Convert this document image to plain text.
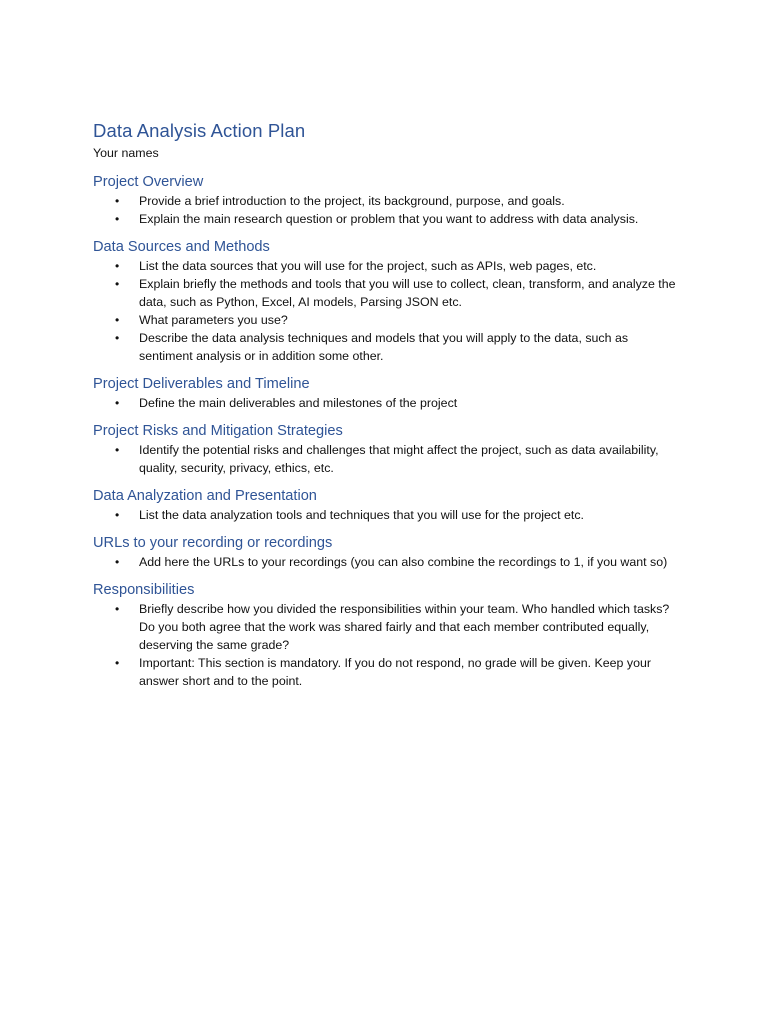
Data Analysis Action Plan
Your names
Project Overview
• Provide a brief introduction to the project, its background, purpose, and goals.
• Explain the main research question or problem that you want to address with data analysis.
Data Sources and Methods
• List the data sources that you will use for the project, such as APIs, web pages, etc.
• Explain briefly the methods and tools that you will use to collect, clean, transform, and analyze the data, such as Python, Excel, AI models, Parsing JSON etc.
• What parameters you use?
• Describe the data analysis techniques and models that you will apply to the data, such as sentiment analysis or in addition some other.
Project Deliverables and Timeline
• Define the main deliverables and milestones of the project
Project Risks and Mitigation Strategies
• Identify the potential risks and challenges that might affect the project, such as data availability, quality, security, privacy, ethics, etc.
Data Analyzation and Presentation
• List the data analyzation tools and techniques that you will use for the project etc.
URLs to your recording or recordings
• Add here the URLs to your recordings (you can also combine the recordings to 1, if you want so)
Responsibilities
• Briefly describe how you divided the responsibilities within your team. Who handled which tasks? Do you both agree that the work was shared fairly and that each member contributed equally, deserving the same grade?
• Important: This section is mandatory. If you do not respond, no grade will be given. Keep your answer short and to the point.
